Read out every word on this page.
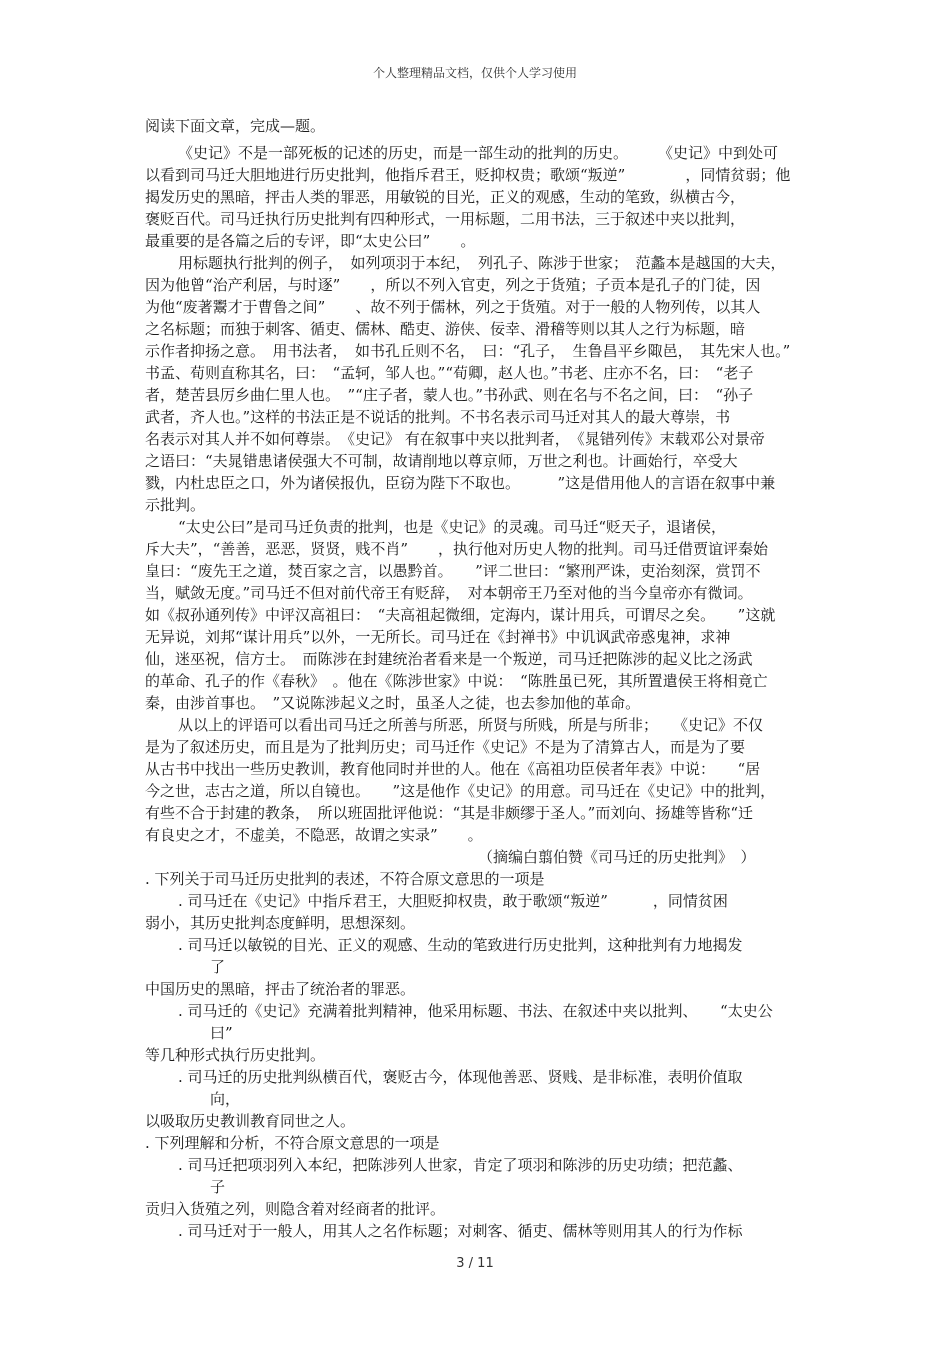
个人整理精品文档，仅供个人学习使用
阅读下面文章，完成—题。
《史记》不是一部死板的记述的历史，而是一部生动的批判的历史。　　　《史记》中到处可
以看到司马迁大胆地进行历史批判，他指斥君王，贬抑权贵；歌颂“叛逆”　　　　，同情贫弱；他
揭发历史的黑暗，抨击人类的罪恶，用敏锐的目光，正义的观感，生动的笔致，纵横古今，
褒贬百代。司马迁执行历史批判有四种形式，一用标题，二用书法，三于叙述中夹以批判，
最重要的是各篇之后的专评，即“太史公曰”　　。
用标题执行批判的例子，　如列项羽于本纪，　列孔子、陈涉于世家；　范蠡本是越国的大夫，
因为他曾“治产利居，与时逐”　　，所以不列入官吏，列之于货殖；子贡本是孔子的门徒，因
为他“废著鬻才于曹鲁之间”　　、故不列于儒林，列之于货殖。对于一般的人物列传，以其人
之名标题；而独于刺客、循吏、儒林、酷吏、游侠、佞幸、滑稽等则以其人之行为标题，暗
示作者抑扬之意。　用书法者，　如书孔丘则不名，　曰：“孔子，　生鲁昌平乡陬邑，　其先宋人也。”
书孟、荀则直称其名，曰：　“孟轲，邹人也。”“荀卿，赵人也。”书老、庄亦不名，曰：　“老子
者，楚苦县厉乡曲仁里人也。　”“庄子者，蒙人也。”书孙武、则在名与不名之间，曰：　“孙子
武者，齐人也。”这样的书法正是不说话的批判。不书名表示司马迁对其人的最大尊崇，书
名表示对其人并不如何尊崇。　《史记》 有在叙事中夹以批判者，　《晁错列传》末载邓公对景帝
之语曰：“夫晁错患诸侯强大不可制，故请削地以尊京师，万世之利也。计画始行，卒受大
戮，内杜忠臣之口，外为诸侯报仇，臣窃为陛下不取也。　　　”这是借用他人的言语在叙事中兼
示批判。
“太史公曰”是司马迁负责的批判，也是《史记》的灵魂。司马迁“贬天子，退诸侯，
斥大夫”，“善善，恶恶，贤贤，贱不肖”　　，执行他对历史人物的批判。司马迁借贾谊评秦始
皇曰：“废先王之道，焚百家之言，以愚黔首。　　”评二世曰：“繁刑严诛，吏治刻深，赏罚不
当，赋敛无度。”司马迁不但对前代帝王有贬辞，　对本朝帝王乃至对他的当今皇帝亦有微词。
如《叔孙通列传》中评汉高祖曰：　“夫高祖起微细，定海内，谋计用兵，可谓尽之矣。　　”这就
无异说，刘邦“谋计用兵”以外，一无所长。司马迁在《封禅书》中讥讽武帝惑鬼神，求神
仙，迷巫祝，信方士。　而陈涉在封建统治者看来是一个叛逆，司马迁把陈涉的起义比之汤武
的革命、孔子的作《春秋》　。他在《陈涉世家》中说：　“陈胜虽已死，其所置遣侯王将相竟亡
秦，由涉首事也。　”又说陈涉起义之时，虽圣人之徒，也去参加他的革命。
从以上的评语可以看出司马迁之所善与所恶，所贤与所贱，所是与所非；　　《史记》不仅
是为了叙述历史，而且是为了批判历史；司马迁作《史记》不是为了清算古人，而是为了要
从古书中找出一些历史教训，教育他同时并世的人。他在《高祖功臣侯者年表》中说：　　“居
今之世，志古之道，所以自镜也。　　”这是他作《史记》的用意。司马迁在《史记》中的批判，
有些不合于封建的教条，　所以班固批评他说：“其是非颇缪于圣人。”而刘向、扬雄等皆称“迁
有良史之才，不虚美，不隐恶，故谓之实录”　　。
（摘编白翦伯赞《司马迁的历史批判》　）
. 下列关于司马迁历史批判的表述，不符合原文意思的一项是
. 司马迁在《史记》中指斥君王，大胆贬抑权贵，敢于歌颂“叛逆”　　　，同情贫困
弱小，其历史批判态度鲜明，思想深刻。
. 司马迁以敏锐的目光、正义的观感、生动的笔致进行历史批判，这种批判有力地揭发
了
中国历史的黑暗，抨击了统治者的罪恶。
. 司马迁的《史记》充满着批判精神，他采用标题、书法、在叙述中夹以批判、　　“太史公
曰”
等几种形式执行历史批判。
. 司马迁的历史批判纵横百代，褒贬古今，体现他善恶、贤贱、是非标准，表明价值取
向，
以吸取历史教训教育同世之人。
. 下列理解和分析，不符合原文意思的一项是
. 司马迁把项羽列入本纪，把陈涉列人世家，肯定了项羽和陈涉的历史功绩；把范蠡、
子
贡归入货殖之列，则隐含着对经商者的批评。
. 司马迁对于一般人，用其人之名作标题；对刺客、循吏、儒林等则用其人的行为作标
3 / 11
